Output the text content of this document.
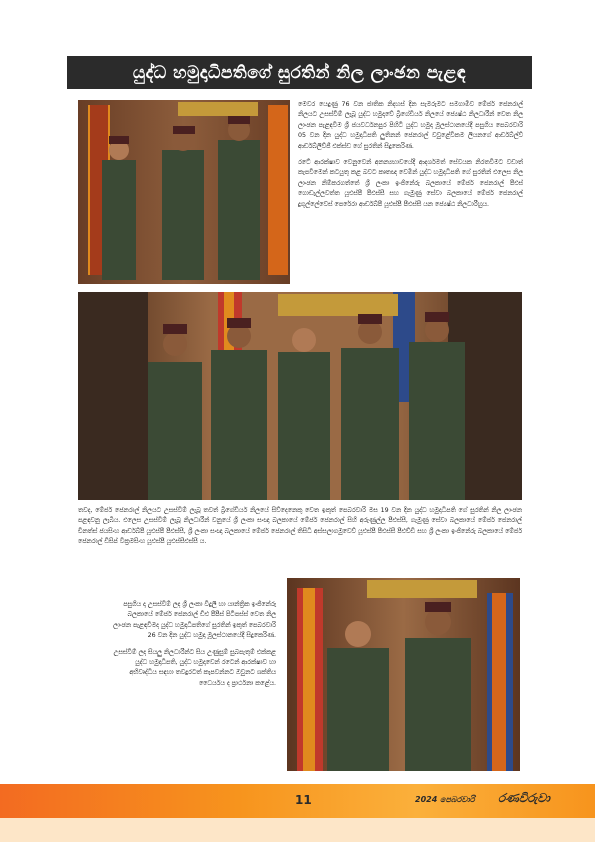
යුද්ධ හමුදාධිපතිගේ සුරතින් නිල ලාංඡන පැළඳ

මෙවර යෙදුණු 76 වන ජාතික නිදහස් දින සැමරුමට සමගාමීව මේජර් ජෙනරාල් නිලයට උසස්වීම් ලැබූ යුද්ධ හමුදාවේ බ්‍රිගේඩියර් නිලයේ ජ්‍යෙෂ්ඨ නිලධාරීන් වෙත නිල ලාංඡන පැළඳවීම ශ්‍රී ජයවර්ධනපුර පිහිටි යුද්ධ හමුදා මූලස්ථානයේදී පසුගිය පෙබරවාරි 05 වන දින යුද්ධ හමුදාධිපති ලුතිනන් ජෙනරාල් වවුළේවිකම ලියනගේ ආර්ඩබ්ල්ව් ආර්ඩබ්ලිව්ජී එක්ස්ඩ ගේ සුරතින් සිදුකෙරිණ.

රටේ ආරක්ෂාව වෙනුවෙන් අනන්‍යභාවයේදී ආදර්ශමත් සේවයක නිරතවීමට වඩාත් කැපවීමෙන් කටයුතු කළ බවට කෘතඥ වෙමින් යුද්ධ හමුදාධිපති ගේ සුරතින් එලෙස නිල ලාංඡන නිම්කරගත්තේ ශ්‍රී ලංකා ඉංජිනේරු බලකායේ මේජර් ජෙනරාල් පීඑස් ගොඩැල්ලවත්ත යූඑස්පී පීඑස්සී සහ ගැමුණු සේවා බලකායේ මේජර් ජෙනරාල් දුගුල්ලේවෙස් පෙරේරා ආර්ඩබ්පී යූඑස්පී පීඑස්සී යන ජ්‍යෙෂ්ඨ නිලධාරීහුය.

තවද, මේජර් ජෙනරාල් නිලයට උසස්වීම් ලැබූ තවත් බ්‍රිගේඩියර් නිලයේ සිව්දෙනෙකු වෙත ඉකුත් පෙබරවාරි මස 19 වන දින යුද්ධ හමුදාධිපති ගේ සුරතින් නිල ලාංඡන පළඳවනු ලැබීය. එලෙස උසස්වීම් ලැබූ නිලධාරීන් වනුයේ ශ්‍රී ලංකා සංඥා බලකායේ මේජර් ජෙනරාල් සිහි අරුණුල්ල පීඑස්සී, ගැමුණු සේවා බලකායේ මේජර් ජෙනරාල් චිනත්ස් ජයසිංහ ආර්ඩබ්පී යූඑස්පී පීඑස්සී, ශ්‍රී ලංකා සංඥා බලකායේ මේජර් ජෙනරාල් තිසිධි අස්සලාගමුවෙව් යූඑස්පී පීඑස්සී පීඑච්ඩී සහ ශ්‍රී ලංකා ඉංජිනේරු බලකායේ මේජර් ජෙනරාල් ඩීසිප් වික්‍රමසිංහ යූඑස්පී යූඑස්සීඑස්සී ය.

පසුගිය දා උසස්වීම් ලද ශ්‍රී ලංකා විදුලි හා යාන්ත්‍රික ඉංජිනේරු බලකායේ මේජර් ජෙනරාල් ඩීඑ පීපීස් පිටිපස්ස් වෙත නිල ලාංඡන පැළඳවීමද යුද්ධ හමුදාධිපතිගේ සුරතින් ඉකුත් පෙබරවාරි 26 වන දින යුද්ධ හමුදා මූලස්ථානයේදී සිදුකෙරිණ.

උසස්වීම් ලද සියලු නිලධාරීන්ට සිය උණුසුම් සුබපැතුම් එක්කළ යුද්ධ හමුදාධිපති, යුද්ධ හමුදාවෙන් රටෙන් ආරක්ෂාව හා අභිවෘද්ධිය සඳහා තවදුරටත් කැපවන්නට ඔවුනට ශක්තිය ධෛර්යය ද ප්‍රාර්ථනා කළේය.

11	2024 පෙබරවාරි රණවිරුවා
